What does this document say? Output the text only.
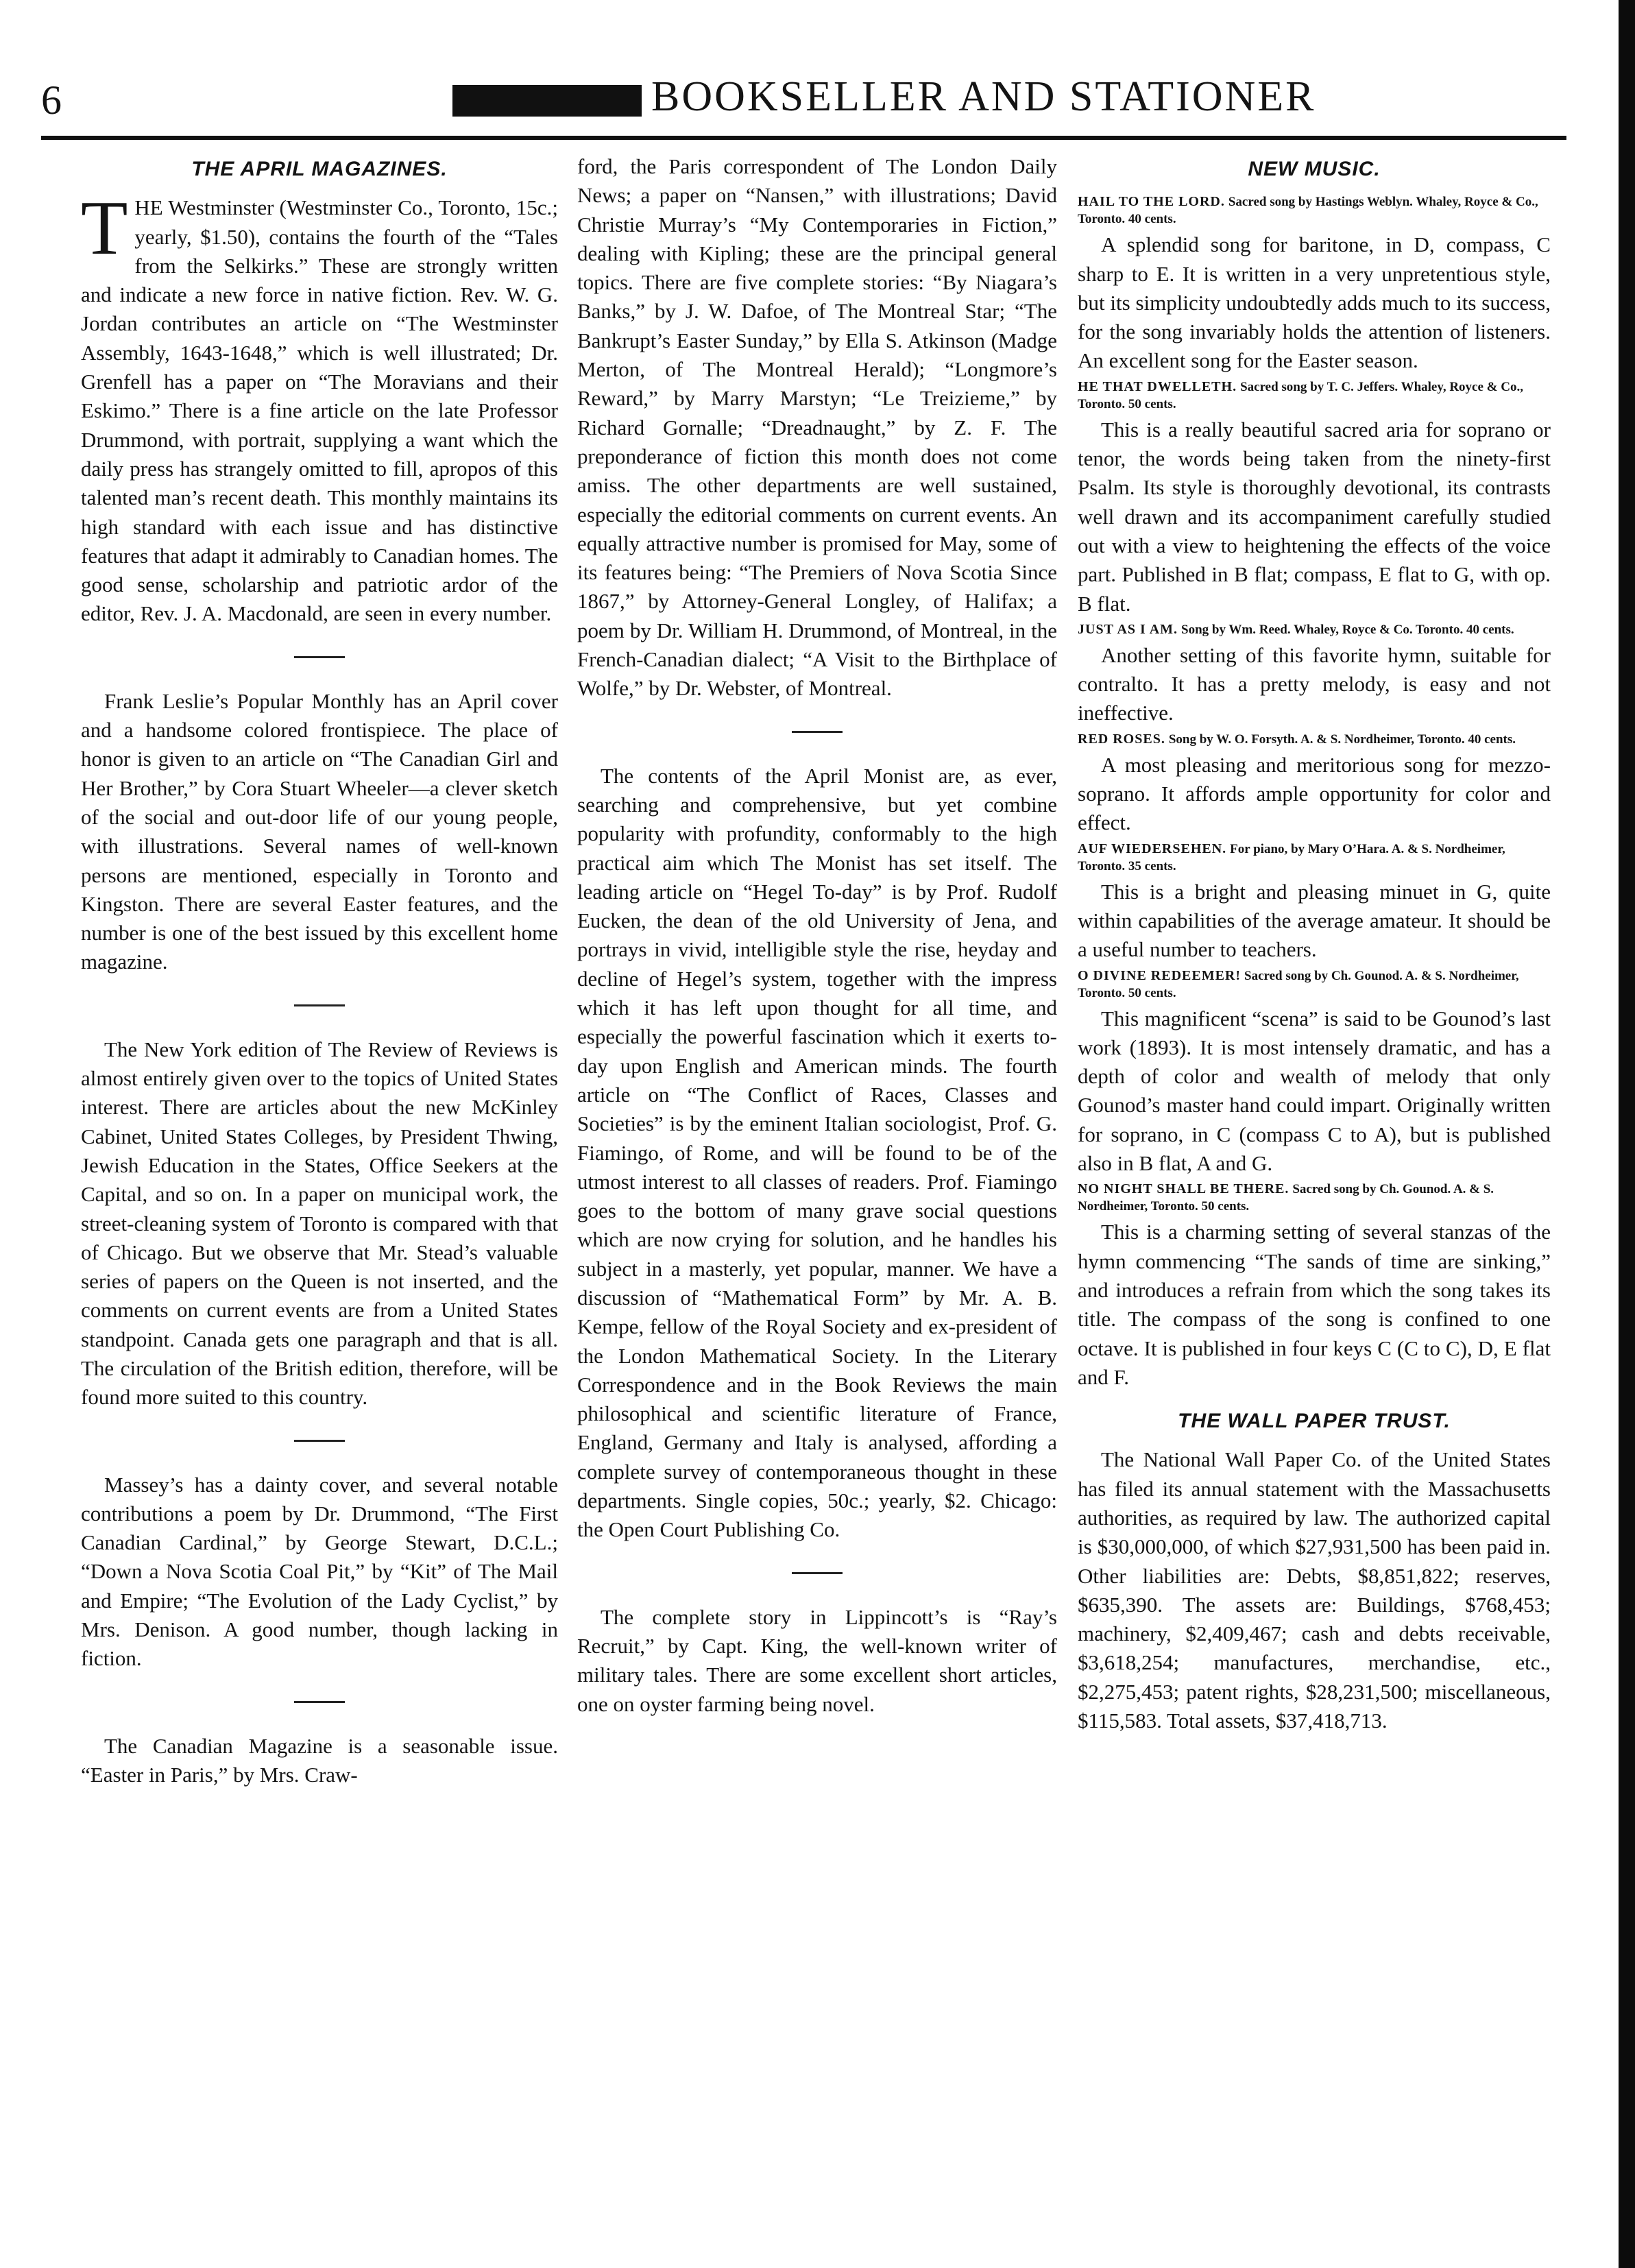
6	BOOKSELLER AND STATIONER
THE APRIL MAGAZINES.

THE Westminster (Westminster Co., Toronto, 15c.; yearly, $1.50), contains the fourth of the “Tales from the Selkirks.” These are strongly written and indicate a new force in native fiction. Rev. W. G. Jordan contributes an article on “The Westminster Assembly, 1643-1648,” which is well illustrated; Dr. Grenfell has a paper on “The Moravians and their Eskimo.” There is a fine article on the late Professor Drummond, with portrait, supplying a want which the daily press has strangely omitted to fill, apropos of this talented man’s recent death. This monthly maintains its high standard with each issue and has distinctive features that adapt it admirably to Canadian homes. The good sense, scholarship and patriotic ardor of the editor, Rev. J. A. Macdonald, are seen in every number.

Frank Leslie’s Popular Monthly has an April cover and a handsome colored frontispiece. The place of honor is given to an article on “The Canadian Girl and Her Brother,” by Cora Stuart Wheeler—a clever sketch of the social and out-door life of our young people, with illustrations. Several names of well-known persons are mentioned, especially in Toronto and Kingston. There are several Easter features, and the number is one of the best issued by this excellent home magazine.

The New York edition of The Review of Reviews is almost entirely given over to the topics of United States interest. There are articles about the new McKinley Cabinet, United States Colleges, by President Thwing, Jewish Education in the States, Office Seekers at the Capital, and so on. In a paper on municipal work, the street-cleaning system of Toronto is compared with that of Chicago. But we observe that Mr. Stead’s valuable series of papers on the Queen is not inserted, and the comments on current events are from a United States standpoint. Canada gets one paragraph and that is all. The circulation of the British edition, therefore, will be found more suited to this country.

Massey’s has a dainty cover, and several notable contributions a poem by Dr. Drummond, “The First Canadian Cardinal,” by George Stewart, D.C.L.; “Down a Nova Scotia Coal Pit,” by “Kit” of The Mail and Empire; “The Evolution of the Lady Cyclist,” by Mrs. Denison. A good number, though lacking in fiction.

The Canadian Magazine is a seasonable issue. “Easter in Paris,” by Mrs. Craw-

ford, the Paris correspondent of The London Daily News; a paper on “Nansen,” with illustrations; David Christie Murray’s “My Contemporaries in Fiction,” dealing with Kipling; these are the principal general topics. There are five complete stories: “By Niagara’s Banks,” by J. W. Dafoe, of The Montreal Star; “The Bankrupt’s Easter Sunday,” by Ella S. Atkinson (Madge Merton, of The Montreal Herald); “Longmore’s Reward,” by Marry Marstyn; “Le Treizieme,” by Richard Gornalle; “Dreadnaught,” by Z. F. The preponderance of fiction this month does not come amiss. The other departments are well sustained, especially the editorial comments on current events. An equally attractive number is promised for May, some of its features being: “The Premiers of Nova Scotia Since 1867,” by Attorney-General Longley, of Halifax; a poem by Dr. William H. Drummond, of Montreal, in the French-Canadian dialect; “A Visit to the Birthplace of Wolfe,” by Dr. Webster, of Montreal.

The contents of the April Monist are, as ever, searching and comprehensive, but yet combine popularity with profundity, conformably to the high practical aim which The Monist has set itself. The leading article on “Hegel To-day” is by Prof. Rudolf Eucken, the dean of the old University of Jena, and portrays in vivid, intelligible style the rise, heyday and decline of Hegel’s system, together with the impress which it has left upon thought for all time, and especially the powerful fascination which it exerts to-day upon English and American minds. The fourth article on “The Conflict of Races, Classes and Societies” is by the eminent Italian sociologist, Prof. G. Fiamingo, of Rome, and will be found to be of the utmost interest to all classes of readers. Prof. Fiamingo goes to the bottom of many grave social questions which are now crying for solution, and he handles his subject in a masterly, yet popular, manner. We have a discussion of “Mathematical Form” by Mr. A. B. Kempe, fellow of the Royal Society and ex-president of the London Mathematical Society. In the Literary Correspondence and in the Book Reviews the main philosophical and scientific literature of France, England, Germany and Italy is analysed, affording a complete survey of contemporaneous thought in these departments. Single copies, 50c.; yearly, $2. Chicago: the Open Court Publishing Co.

The complete story in Lippincott’s is “Ray’s Recruit,” by Capt. King, the well-known writer of military tales. There are some excellent short articles, one on oyster farming being novel.

NEW MUSIC.
HAIL TO THE LORD. Sacred song by Hastings Weblyn. Whaley, Royce & Co., Toronto. 40 cents.

A splendid song for baritone, in D, compass, C sharp to E. It is written in a very unpretentious style, but its simplicity undoubtedly adds much to its success, for the song invariably holds the attention of listeners. An excellent song for the Easter season.

HE THAT DWELLETH. Sacred song by T. C. Jeffers. Whaley, Royce & Co., Toronto. 50 cents.

This is a really beautiful sacred aria for soprano or tenor, the words being taken from the ninety-first Psalm. Its style is thoroughly devotional, its contrasts well drawn and its accompaniment carefully studied out with a view to heightening the effects of the voice part. Published in B flat; compass, E flat to G, with op. B flat.

JUST AS I AM. Song by Wm. Reed. Whaley, Royce & Co. Toronto. 40 cents.

Another setting of this favorite hymn, suitable for contralto. It has a pretty melody, is easy and not ineffective.

RED ROSES. Song by W. O. Forsyth. A. & S. Nordheimer, Toronto. 40 cents.

A most pleasing and meritorious song for mezzo-soprano. It affords ample opportunity for color and effect.

AUF WIEDERSEHEN. For piano, by Mary O’Hara. A. & S. Nordheimer, Toronto. 35 cents.

This is a bright and pleasing minuet in G, quite within capabilities of the average amateur. It should be a useful number to teachers.

O DIVINE REDEEMER! Sacred song by Ch. Gounod. A. & S. Nordheimer, Toronto. 50 cents.

This magnificent “scena” is said to be Gounod’s last work (1893). It is most intensely dramatic, and has a depth of color and wealth of melody that only Gounod’s master hand could impart. Originally written for soprano, in C (compass C to A), but is published also in B flat, A and G.

NO NIGHT SHALL BE THERE. Sacred song by Ch. Gounod. A. & S. Nordheimer, Toronto. 50 cents.

This is a charming setting of several stanzas of the hymn commencing “The sands of time are sinking,” and introduces a refrain from which the song takes its title. The compass of the song is confined to one octave. It is published in four keys C (C to C), D, E flat and F.

THE WALL PAPER TRUST.

The National Wall Paper Co. of the United States has filed its annual statement with the Massachusetts authorities, as required by law. The authorized capital is $30,000,000, of which $27,931,500 has been paid in. Other liabilities are: Debts, $8,851,822; reserves, $635,390. The assets are: Buildings, $768,453; machinery, $2,409,467; cash and debts receivable, $3,618,254; manufactures, merchandise, etc., $2,275,453; patent rights, $28,231,500; miscellaneous, $115,583. Total assets, $37,418,713.
